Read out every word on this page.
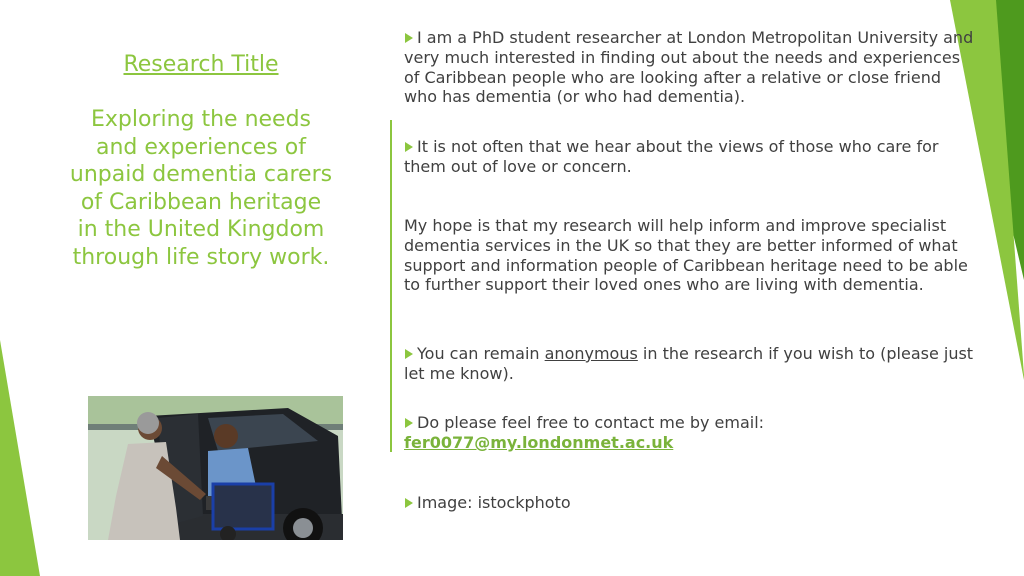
Research Title

Exploring the needs
and experiences of
unpaid dementia carers
of Caribbean heritage
in the United Kingdom
through life story work.

I am a PhD student researcher at London Metropolitan University and very much interested in finding out about the needs and experiences of Caribbean people who are looking after a relative or close friend who has dementia (or who had dementia).

It is not often that we hear about the views of those who care for them out of love or concern.

My hope is that my research will help inform and improve specialist dementia services in the UK so that they are better informed of what support and information people of Caribbean heritage need to be able to further support their loved ones who are living with dementia.

You can remain anonymous in the research if you wish to (please just let me know).

Do please feel free to contact me by email:
fer0077@my.londonmet.ac.uk

Image: istockphoto
